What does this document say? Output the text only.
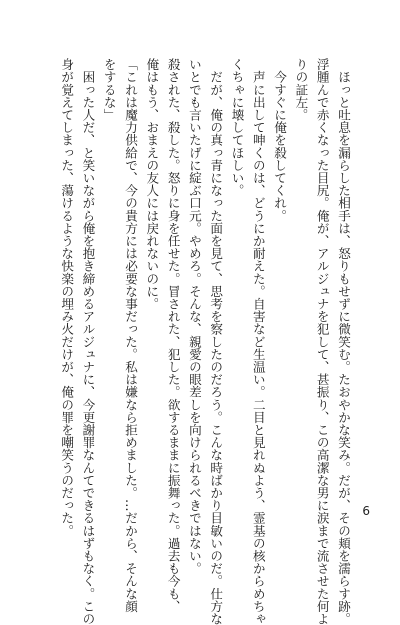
　ほっと吐息を漏らした相手は、怒りもせずに微笑む。たおやかな笑み。だが、その頬を濡らす跡。
浮腫んで赤くなった目尻。俺が、アルジュナを犯して、甚振り、この高潔な男に涙まで流させた何よ
りの証左。
　今すぐに俺を殺してくれ。
　声に出して呻くのは、どうにか耐えた。自害など生温い。二目と見れぬよう、霊基の核からめちゃ
くちゃに壊してほしい。
　だが、俺の真っ青になった面を見て、思考を察したのだろう。こんな時ばかり目敏いのだ。仕方な
いとでも言いたげに綻ぶ口元。やめろ。そんな、親愛の眼差しを向けられるべきではない。
殺された、殺した。怒りに身を任せた。冒された、犯した。欲するままに振舞った。過去も今も、
俺はもう、おまえの友人には戻れないのに。
「これは魔力供給で、今の貴方には必要な事だった。私は嫌なら拒めました。…だから、そんな顔
をするな」
　困った人だ、と笑いながら俺を抱き締めるアルジュナに、今更謝罪なんてできるはずもなく。この
身が覚えてしまった、蕩けるような快楽の埋み火だけが、俺の罪を嘲笑うのだった。	6
